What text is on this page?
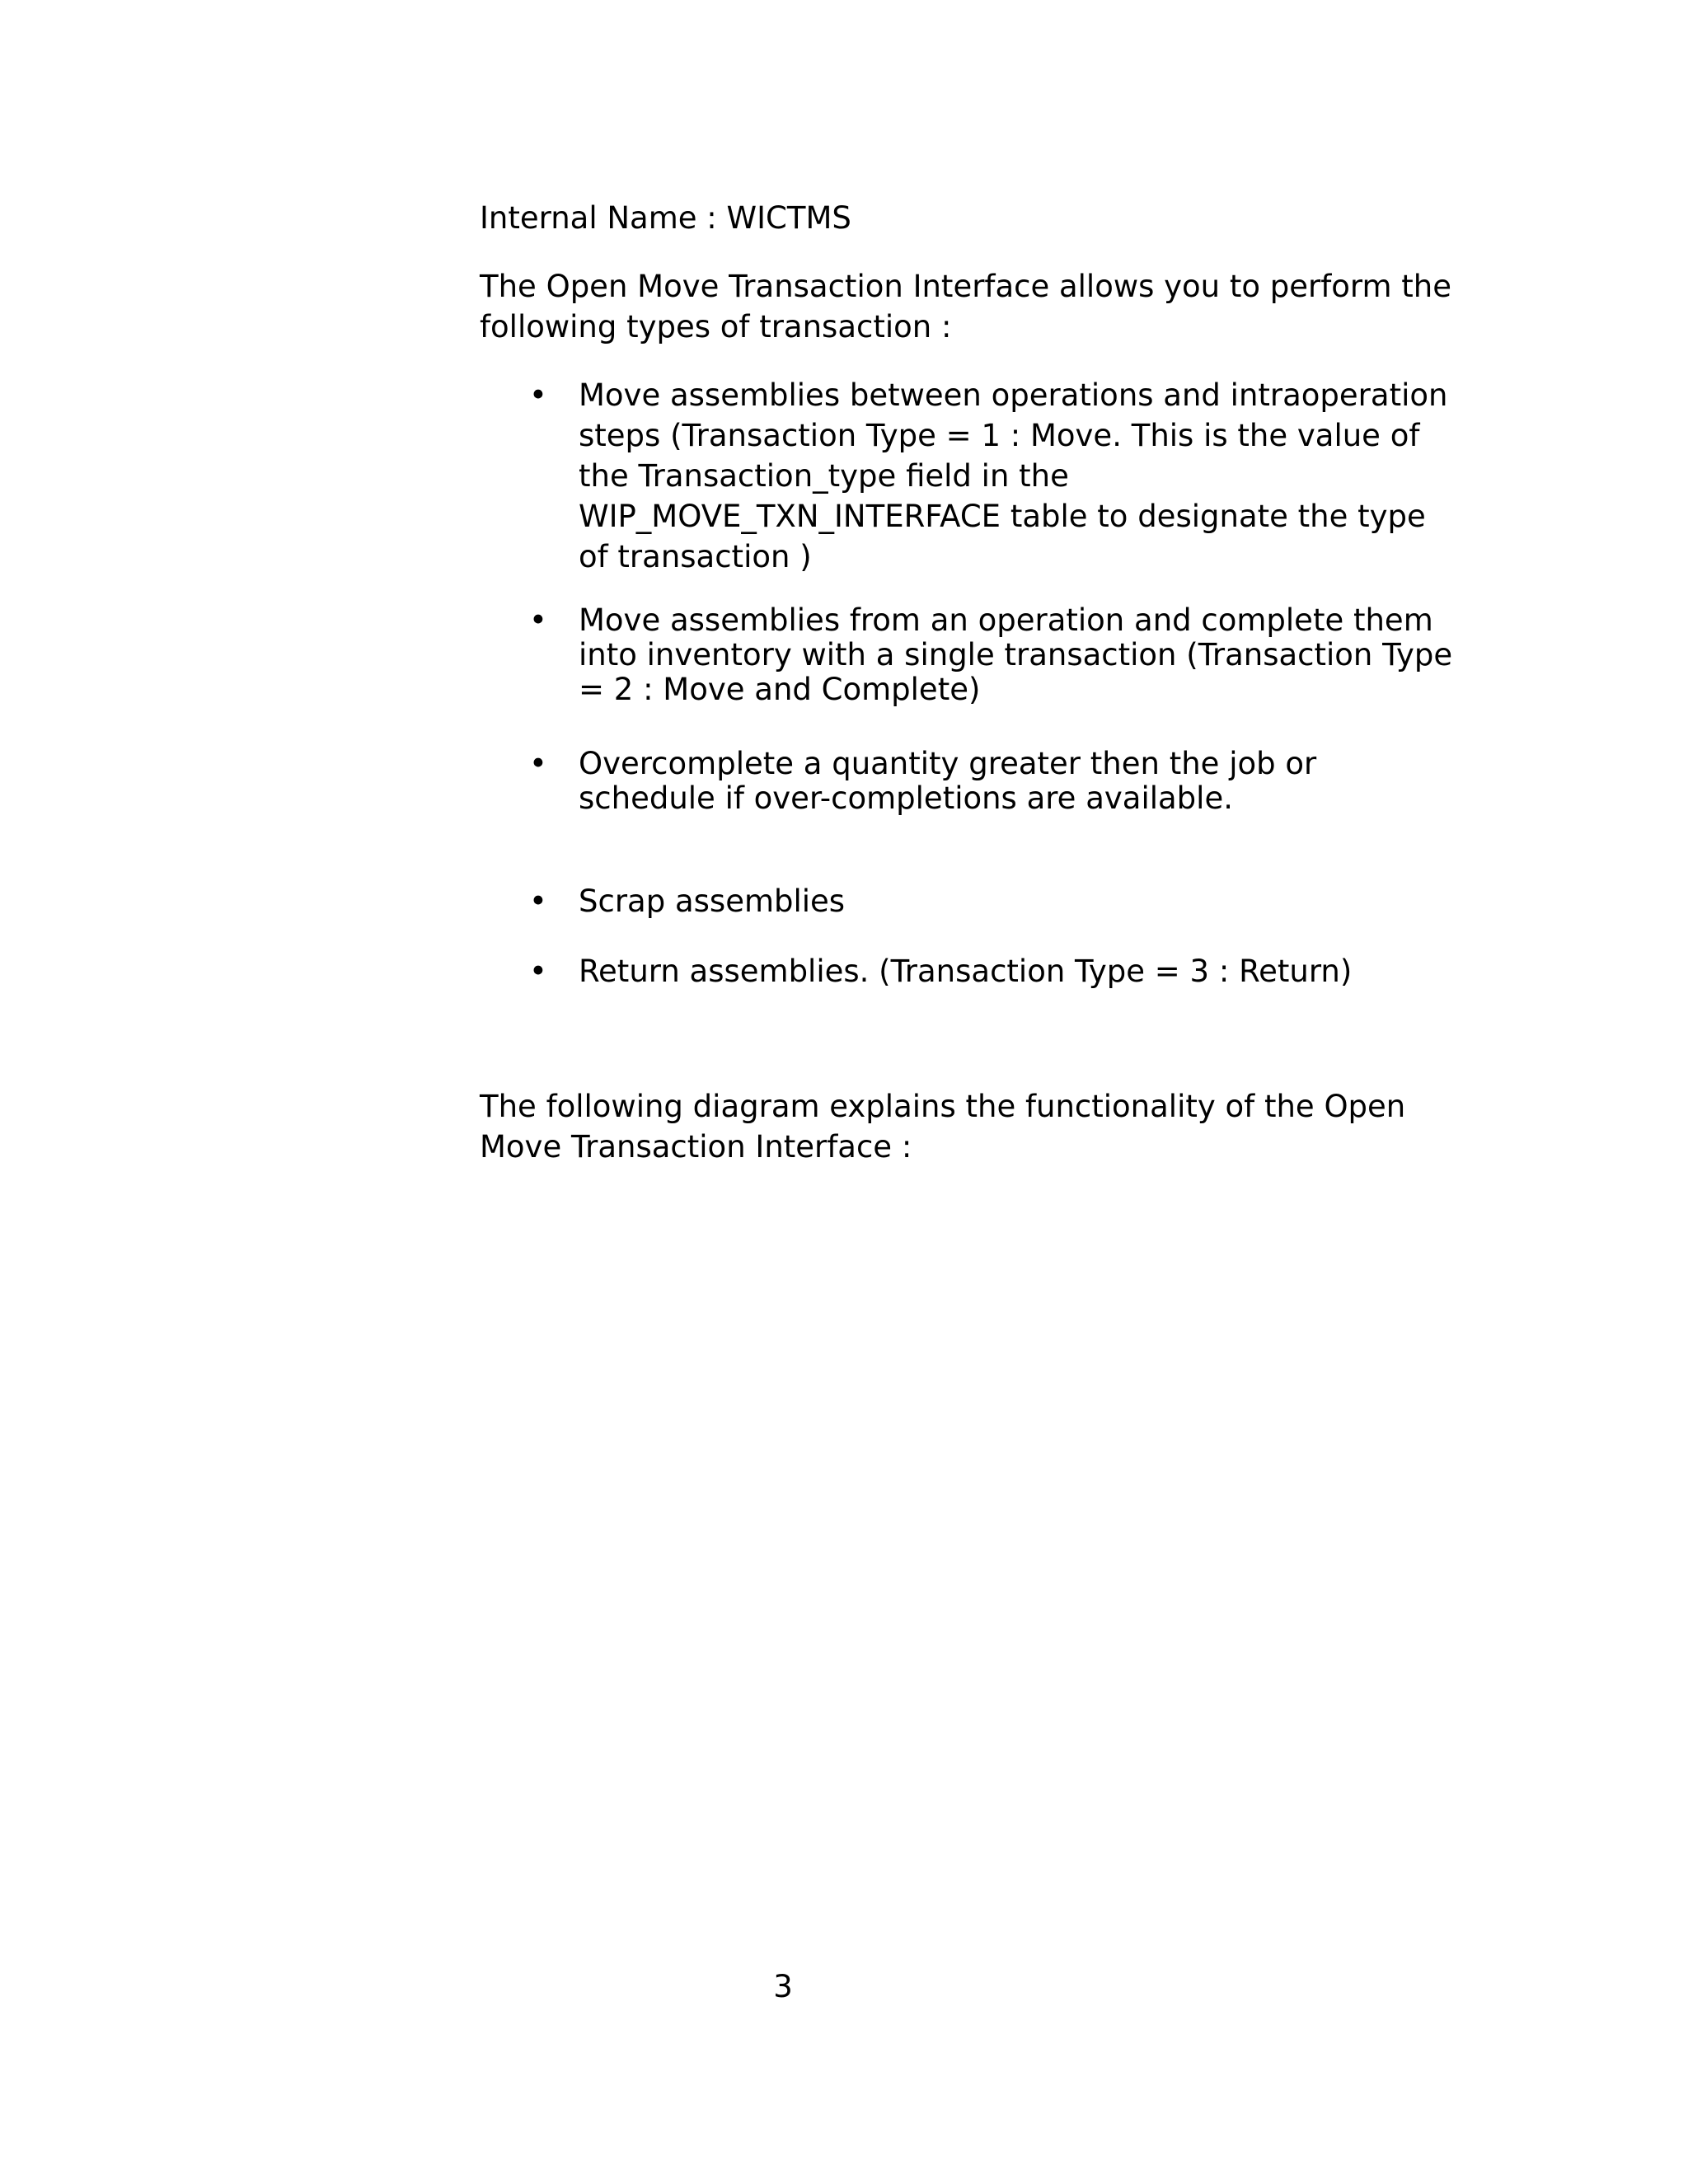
Internal Name : WICTMS

The Open Move Transaction Interface allows you to perform the following types of transaction :

•	Move assemblies between operations and intraoperation steps (Transaction Type = 1 : Move. This is the value of the Transaction_type field in the WIP_MOVE_TXN_INTERFACE table to designate the type of transaction )
•	Move assemblies from an operation and complete them into inventory with a single transaction (Transaction Type = 2 : Move and Complete)
•	Overcomplete a quantity greater then the job or schedule if over-completions are available.
•	Scrap assemblies
•	Return assemblies. (Transaction Type = 3 : Return)

The following diagram explains the functionality of the Open Move Transaction Interface :

3
